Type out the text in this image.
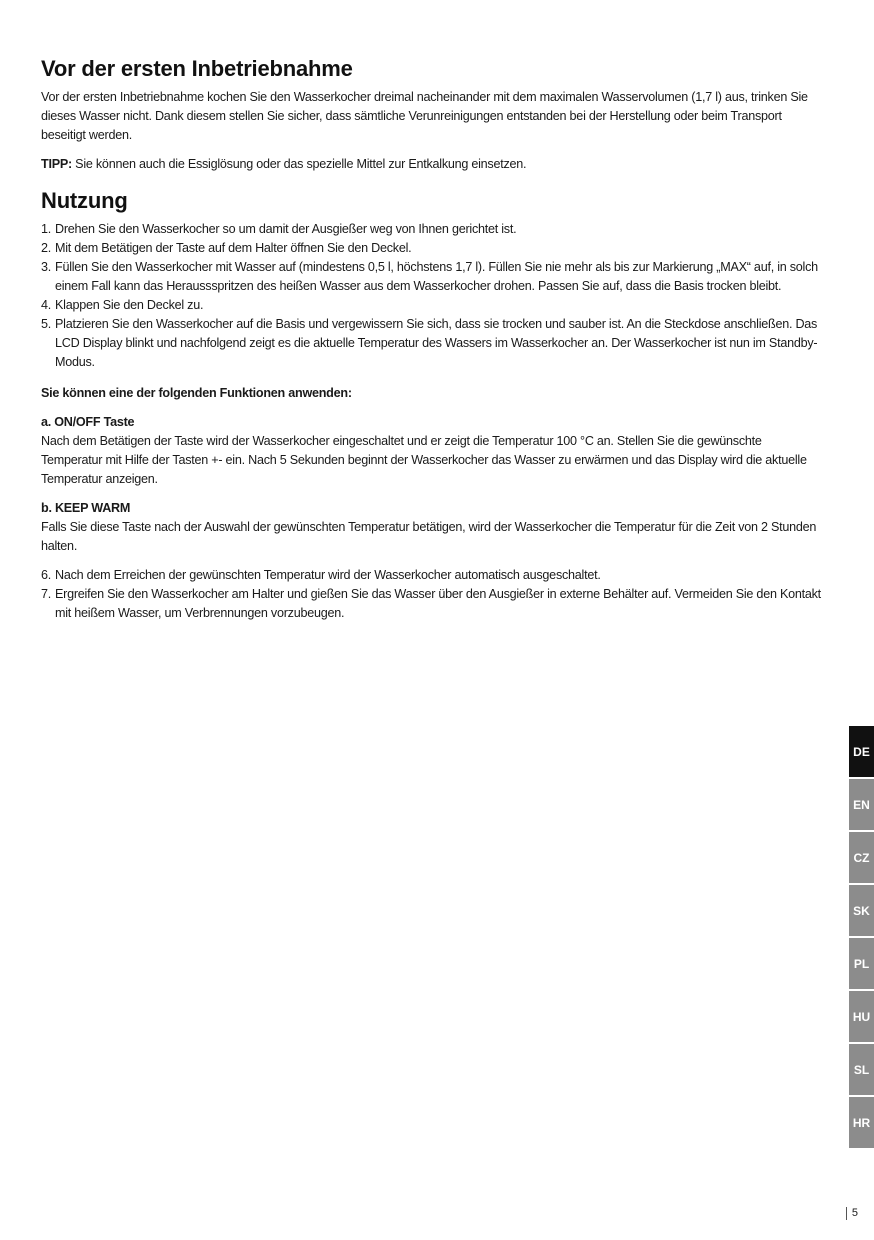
Vor der ersten Inbetriebnahme

Vor der ersten Inbetriebnahme kochen Sie den Wasserkocher dreimal nacheinander mit dem maximalen Wasservolumen (1,7 l) aus, trinken Sie dieses Wasser nicht. Dank diesem stellen Sie sicher, dass sämtliche Verunreinigungen entstanden bei der Herstellung oder beim Transport beseitigt werden.

TIPP: Sie können auch die Essiglösung oder das spezielle Mittel zur Entkalkung einsetzen.

Nutzung
1. Drehen Sie den Wasserkocher so um damit der Ausgießer weg von Ihnen gerichtet ist.
2. Mit dem Betätigen der Taste auf dem Halter öffnen Sie den Deckel.
3. Füllen Sie den Wasserkocher mit Wasser auf (mindestens 0,5 l, höchstens 1,7 l). Füllen Sie nie mehr als bis zur Markierung „MAX“ auf, in solch einem Fall kann das Heraussspritzen des heißen Wasser aus dem Wasserkocher drohen. Passen Sie auf, dass die Basis trocken bleibt.
4. Klappen Sie den Deckel zu.
5. Platzieren Sie den Wasserkocher auf die Basis und vergewissern Sie sich, dass sie trocken und sauber ist. An die Steckdose anschließen. Das LCD Display blinkt und nachfolgend zeigt es die aktuelle Temperatur des Wassers im Wasserkocher an. Der Wasserkocher ist nun im Standby-Modus.
Sie können eine der folgenden Funktionen anwenden:
a. ON/OFF Taste

Nach dem Betätigen der Taste wird der Wasserkocher eingeschaltet und er zeigt die Temperatur 100 °C an. Stellen Sie die gewünschte Temperatur mit Hilfe der Tasten +- ein. Nach 5 Sekunden beginnt der Wasserkocher das Wasser zu erwärmen und das Display wird die aktuelle Temperatur anzeigen.

b. KEEP WARM

Falls Sie diese Taste nach der Auswahl der gewünschten Temperatur betätigen, wird der Wasserkocher die Temperatur für die Zeit von 2 Stunden halten.

6. Nach dem Erreichen der gewünschten Temperatur wird der Wasserkocher automatisch ausgeschaltet.
7. Ergreifen Sie den Wasserkocher am Halter und gießen Sie das Wasser über den Ausgießer in externe Behälter auf. Vermeiden Sie den Kontakt mit heißem Wasser, um Verbrennungen vorzubeugen.
DE
EN
CZ
SK
PL
HU
SL
HR
5
